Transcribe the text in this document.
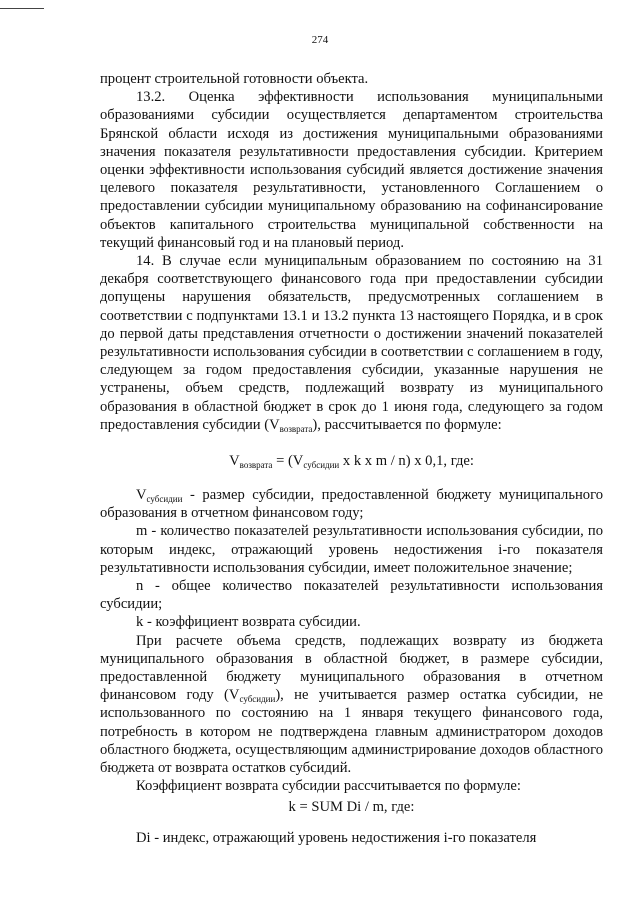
274

процент строительной готовности объекта.

13.2. Оценка эффективности использования муниципальными образованиями субсидии осуществляется департаментом строительства Брянской области исходя из достижения муниципальными образованиями значения показателя результативности предоставления субсидии. Критерием оценки эффективности использования субсидий является достижение значения целевого показателя результативности, установленного Соглашением о предоставлении субсидии муниципальному образованию на софинансирование объектов капитального строительства муниципальной собственности на текущий финансовый год и на плановый период.

14. В случае если муниципальным образованием по состоянию на 31 декабря соответствующего финансового года при предоставлении субсидии допущены нарушения обязательств, предусмотренных соглашением в соответствии с подпунктами 13.1 и 13.2 пункта 13 настоящего Порядка, и в срок до первой даты представления отчетности о достижении значений показателей результативности использования субсидии в соответствии с соглашением в году, следующем за годом предоставления субсидии, указанные нарушения не устранены, объем средств, подлежащий возврату из муниципального образования в областной бюджет в срок до 1 июня года, следующего за годом предоставления субсидии $(V_{возврата})$, рассчитывается по формуле:

$V_{возврата} = (V_{субсидии}$ x k x m / n) x 0,1, где:

$V_{субсидии}$ - размер субсидии, предоставленной бюджету муниципального образования в отчетном финансовом году;

m - количество показателей результативности использования субсидии, по которым индекс, отражающий уровень недостижения i-го показателя результативности использования субсидии, имеет положительное значение;

n - общее количество показателей результативности использования субсидии;

k - коэффициент возврата субсидии.

При расчете объема средств, подлежащих возврату из бюджета муниципального образования в областной бюджет, в размере субсидии, предоставленной бюджету муниципального образования в отчетном финансовом году $(V_{субсидии})$, не учитывается размер остатка субсидии, не использованного по состоянию на 1 января текущего финансового года, потребность в котором не подтверждена главным администратором доходов областного бюджета, осуществляющим администрирование доходов областного бюджета от возврата остатков субсидий.

Коэффициент возврата субсидии рассчитывается по формуле:

k = SUM Di / m, где:

Di - индекс, отражающий уровень недостижения i-го показателя
